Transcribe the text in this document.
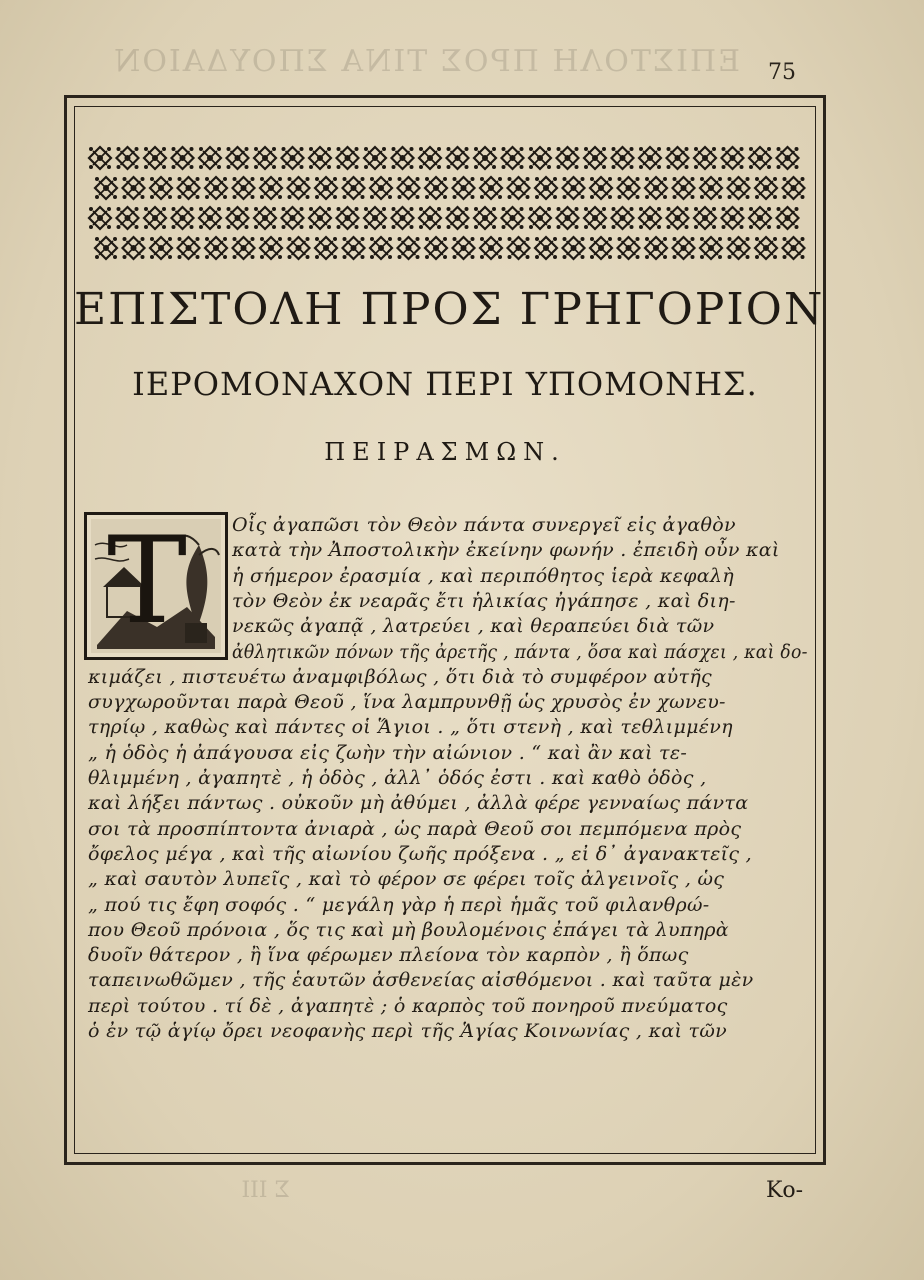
ΕΠΙΣΤΟΛΗ ΠΡΟΣ ΤΙΝΑ ΣΠΟΥΔΑΙΟΝ 75
ΕΠΙΣΤΟΛΗ ΠΡΟΣ ΓΡΗΓΟΡΙΟΝ
ΙΕΡΟΜΟΝΑΧΟΝ ΠΕΡΙ ΥΠΟΜΟΝΗΣ.
ΠΕΙΡΑΣΜΩΝ.
Τ Οἷς ἀγαπῶσι τὸν Θεὸν πάντα συνεργεῖ εἰς ἀγαθὸν
κατὰ τὴν Ἀποστολικὴν ἐκείνην φωνήν . ἐπειδὴ οὖν καὶ
ἡ σήμερον ἐρασμία , καὶ περιπόθητος ἱερὰ κεφαλὴ
τὸν Θεὸν ἐκ νεαρᾶς ἔτι ἡλικίας ἠγάπησε , καὶ διη-
νεκῶς ἀγαπᾷ , λατρεύει , καὶ θεραπεύει διὰ τῶν
ἀθλητικῶν πόνων τῆς ἀρετῆς , πάντα , ὅσα καὶ πάσχει , καὶ δο-
κιμάζει , πιστευέτω ἀναμφιβόλως , ὅτι διὰ τὸ συμφέρον αὐτῆς
συγχωροῦνται παρὰ Θεοῦ , ἵνα λαμπρυνθῇ ὡς χρυσὸς ἐν χωνευ-
τηρίῳ , καθὼς καὶ πάντες οἱ Ἅγιοι . „ ὅτι στενὴ , καὶ τεθλιμμένη
„ ἡ ὁδὸς ἡ ἀπάγουσα εἰς ζωὴν τὴν αἰώνιον . “ καὶ ἂν καὶ τε-
θλιμμένη , ἀγαπητὲ , ἡ ὁδὸς , ἀλλ᾽ ὁδός ἐστι . καὶ καθὸ ὁδὸς ,
καὶ λήξει πάντως . οὐκοῦν μὴ ἀθύμει , ἀλλὰ φέρε γενναίως πάντα
σοι τὰ προσπίπτοντα ἀνιαρὰ , ὡς παρὰ Θεοῦ σοι πεμπόμενα πρὸς
ὄφελος μέγα , καὶ τῆς αἰωνίου ζωῆς πρόξενα . „ εἰ δ᾽ ἀγανακτεῖς ,
„ καὶ σαυτὸν λυπεῖς , καὶ τὸ φέρον σε φέρει τοῖς ἀλγεινοῖς , ὡς
„ πού τις ἔφη σοφός . “ μεγάλη γὰρ ἡ περὶ ἡμᾶς τοῦ φιλανθρώ-
που Θεοῦ πρόνοια , ὅς τις καὶ μὴ βουλομένοις ἐπάγει τὰ λυπηρὰ
δυοῖν θάτερον , ἢ ἵνα φέρωμεν πλείονα τὸν καρπὸν , ἢ ὅπως
ταπεινωθῶμεν , τῆς ἑαυτῶν ἀσθενείας αἰσθόμενοι . καὶ ταῦτα μὲν
περὶ τούτου . τί δὲ , ἀγαπητὲ ; ὁ καρπὸς τοῦ πονηροῦ πνεύματος
ὁ ἐν τῷ ἁγίῳ ὄρει νεοφανὴς περὶ τῆς Ἁγίας Κοινωνίας , καὶ τῶν
Σ ΙΙΙ	Κο-
